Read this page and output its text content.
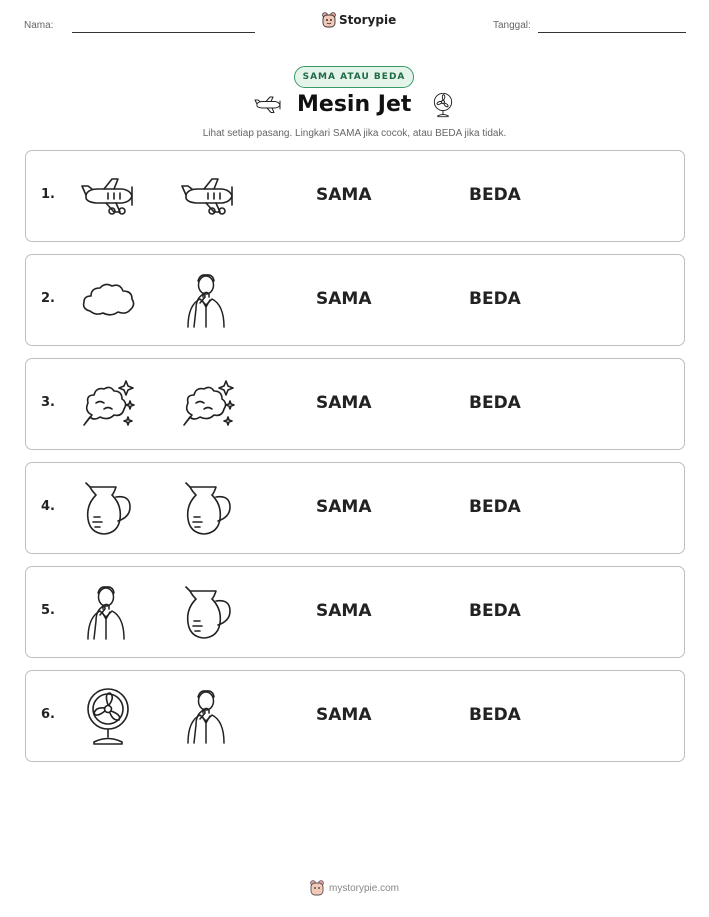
Nama:	Storypie	Tanggal:
SAMA ATAU BEDA
Mesin Jet
Lihat setiap pasang. Lingkari SAMA jika cocok, atau BEDA jika tidak.
1.	SAMA	BEDA
2.	SAMA	BEDA
3.	SAMA	BEDA
4.	SAMA	BEDA
5.	SAMA	BEDA
6.	SAMA	BEDA
mystorypie.com
